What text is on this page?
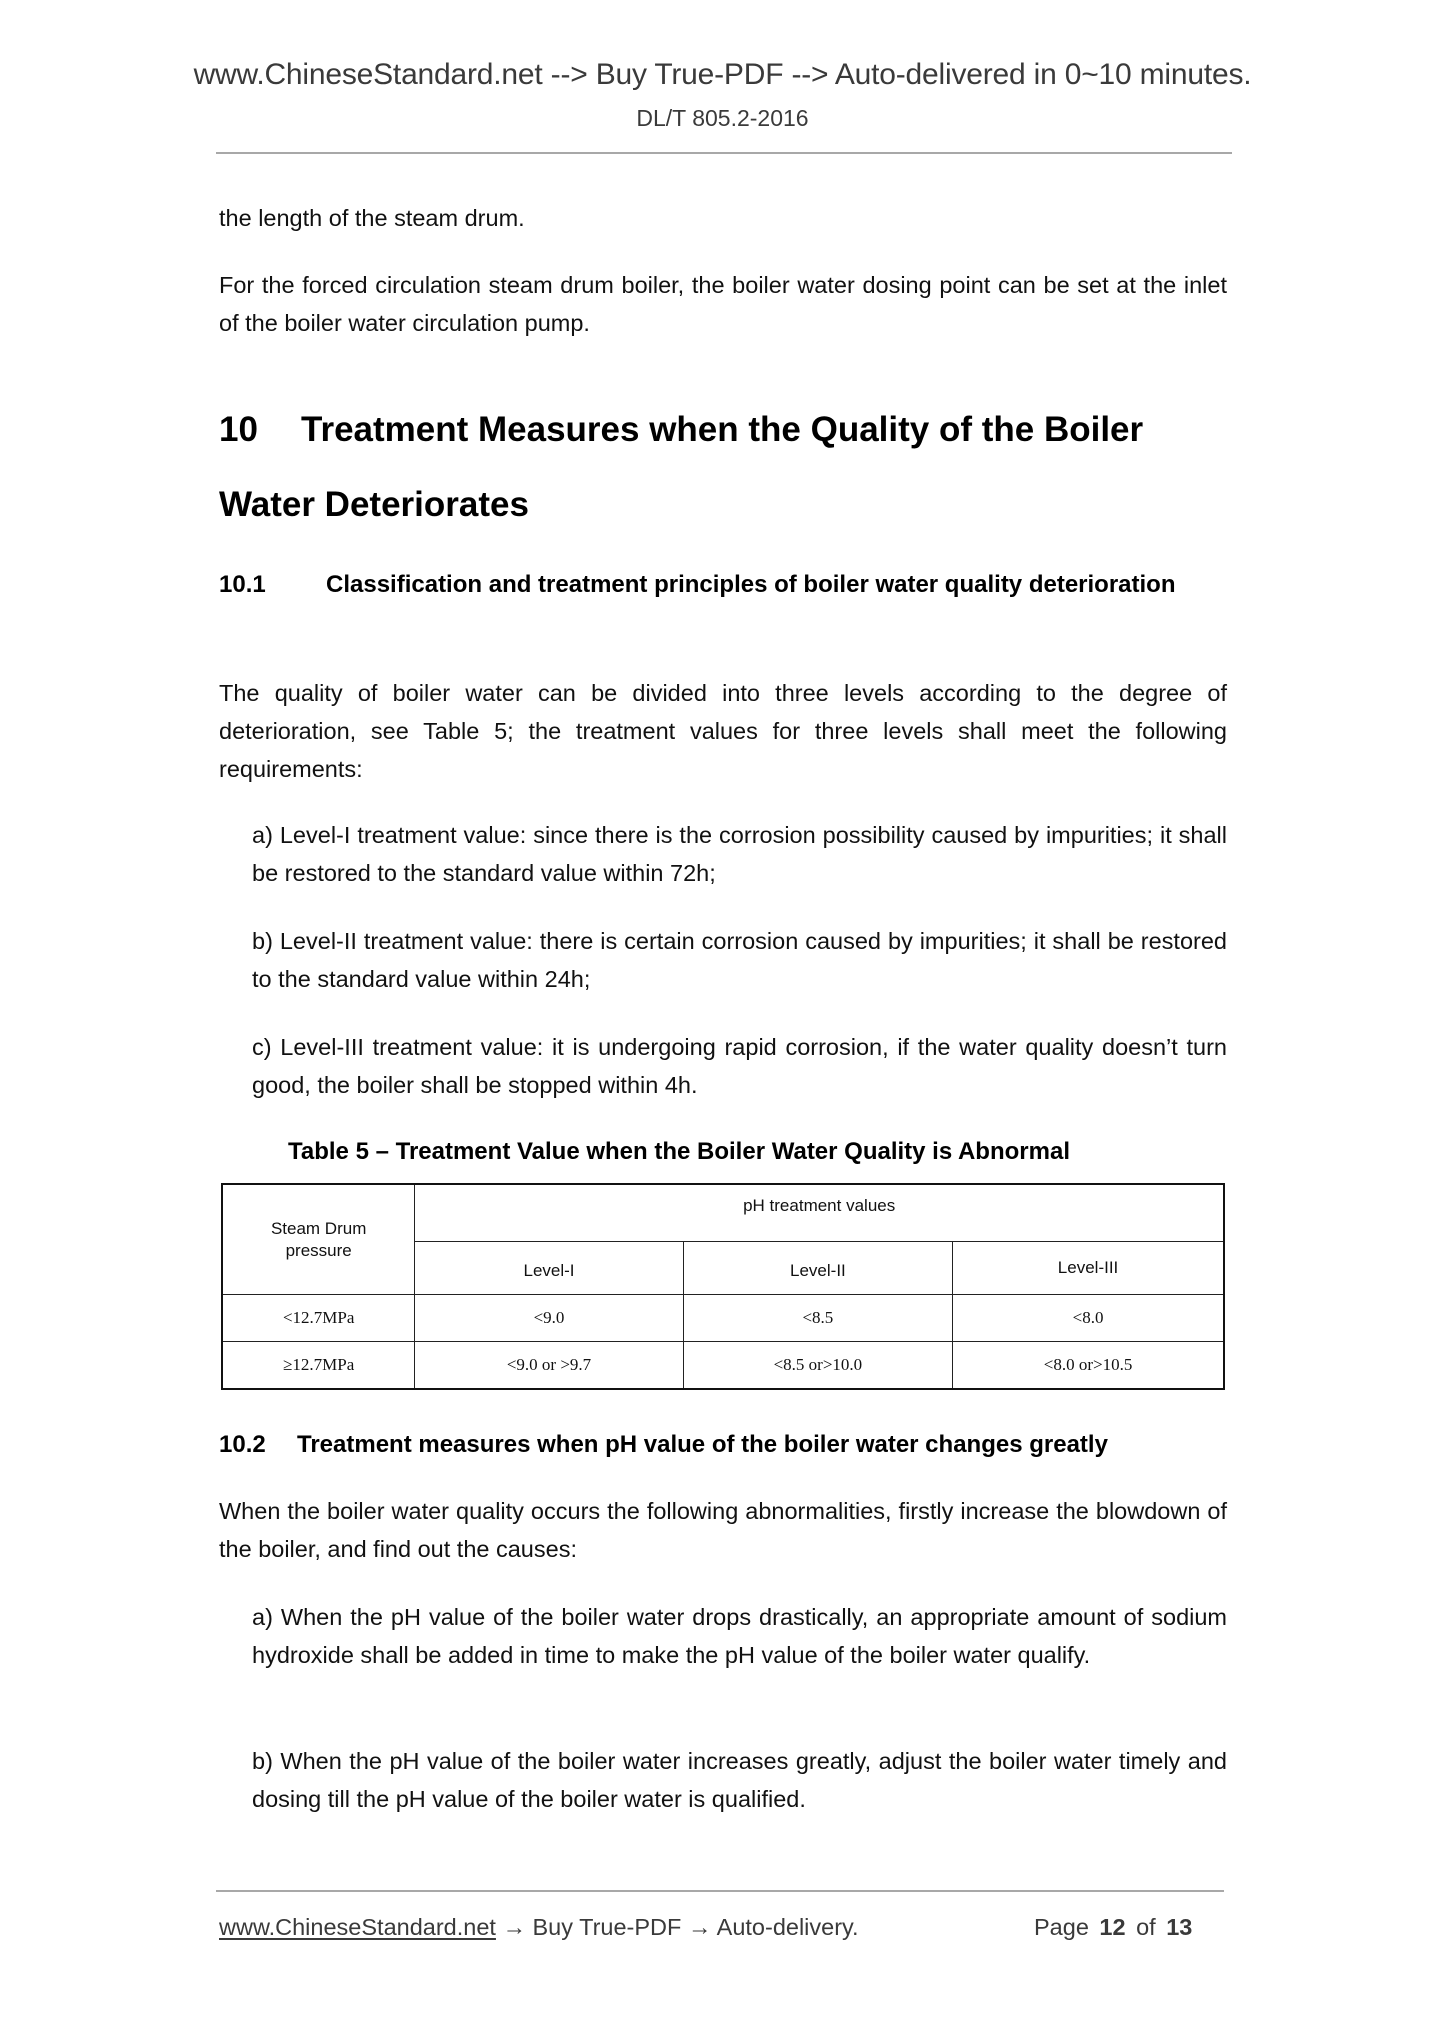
www.ChineseStandard.net --> Buy True-PDF --> Auto-delivered in 0~10 minutes.
DL/T 805.2-2016
the length of the steam drum.
For the forced circulation steam drum boiler, the boiler water dosing point can be set at the inlet of the boiler water circulation pump.
10 Treatment Measures when the Quality of the Boiler Water Deteriorates
10.1	Classification and treatment principles of boiler water quality deterioration
The quality of boiler water can be divided into three levels according to the degree of deterioration, see Table 5; the treatment values for three levels shall meet the following requirements:
a) Level-I treatment value: since there is the corrosion possibility caused by impurities; it shall be restored to the standard value within 72h;
b) Level-II treatment value: there is certain corrosion caused by impurities; it shall be restored to the standard value within 24h;
c) Level-III treatment value: it is undergoing rapid corrosion, if the water quality doesn’t turn good, the boiler shall be stopped within 4h.
Table 5 – Treatment Value when the Boiler Water Quality is Abnormal
Steam Drum pressure	pH treatment values		
	Level-I	Level-II	Level-III
<12.7MPa	<9.0	<8.5	<8.0
≥12.7MPa	<9.0 or >9.7	<8.5 or>10.0	<8.0 or>10.5
10.2 Treatment measures when pH value of the boiler water changes greatly
When the boiler water quality occurs the following abnormalities, firstly increase the blowdown of the boiler, and find out the causes:
a) When the pH value of the boiler water drops drastically, an appropriate amount of sodium hydroxide shall be added in time to make the pH value of the boiler water qualify.
b) When the pH value of the boiler water increases greatly, adjust the boiler water timely and dosing till the pH value of the boiler water is qualified.
www.ChineseStandard.net → Buy True-PDF → Auto-delivery.	Page 12 of 13
